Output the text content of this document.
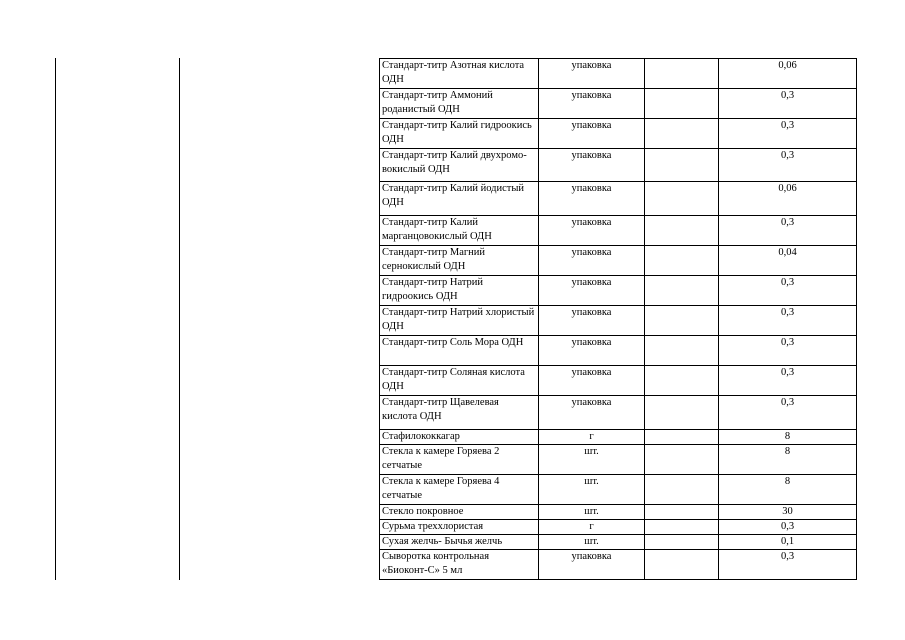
Стандарт-титр Азотная кислота ОДН	упаковка		0,06
Стандарт-титр Аммоний роданистый ОДН	упаковка		0,3
Стандарт-титр Калий гидроокись ОДН	упаковка		0,3
Стандарт-титр Калий двухромо-вокислый ОДН	упаковка		0,3
Стандарт-титр Калий йодистый ОДН	упаковка		0,06
Стандарт-титр Калий марганцовокислый ОДН	упаковка		0,3
Стандарт-титр Магний сернокислый ОДН	упаковка		0,04
Стандарт-титр Натрий гидроокись ОДН	упаковка		0,3
Стандарт-титр Натрий хлористый ОДН	упаковка		0,3
Стандарт-титр Соль Мора ОДН	упаковка		0,3
Стандарт-титр Соляная кислота ОДН	упаковка		0,3
Стандарт-титр Щавелевая кислота ОДН	упаковка		0,3
Стафилококкагар	г		8
Стекла к камере Горяева 2 сетчатые	шт.		8
Стекла к камере Горяева 4 сетчатые	шт.		8
Стекло покровное	шт.		30
Сурьма треххлористая	г		0,3
Сухая желчь- Бычья желчь	шт.		0,1
Сыворотка контрольная «Биоконт-С» 5 мл	упаковка		0,3
